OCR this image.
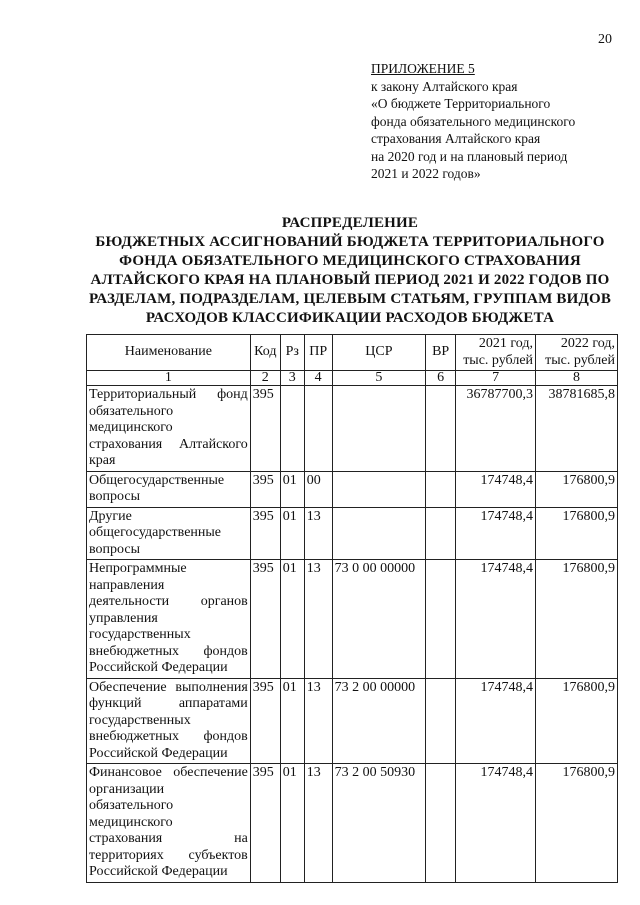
20
ПРИЛОЖЕНИЕ 5
к закону Алтайского края
«О бюджете Территориального
фонда обязательного медицинского
страхования Алтайского края
на 2020 год и на плановый период
2021 и 2022 годов»
РАСПРЕДЕЛЕНИЕ
БЮДЖЕТНЫХ АССИГНОВАНИЙ БЮДЖЕТА ТЕРРИТОРИАЛЬНОГО
ФОНДА ОБЯЗАТЕЛЬНОГО МЕДИЦИНСКОГО СТРАХОВАНИЯ
АЛТАЙСКОГО КРАЯ НА ПЛАНОВЫЙ ПЕРИОД 2021 И 2022 ГОДОВ ПО
РАЗДЕЛАМ, ПОДРАЗДЕЛАМ, ЦЕЛЕВЫМ СТАТЬЯМ, ГРУППАМ ВИДОВ
РАСХОДОВ КЛАССИФИКАЦИИ РАСХОДОВ БЮДЖЕТА
Наименование	Код	Рз	ПР	ЦСР	ВР	2021 год, тыс. рублей	2022 год, тыс. рублей
1	2	3	4	5	6	7	8
Территориальный фонд обязательного медицинского страхования Алтайского края	395					36787700,3	38781685,8
Общегосударственные вопросы	395	01	00			174748,4	176800,9
Другие общегосударственные вопросы	395	01	13			174748,4	176800,9
Непрограммные направления деятельности органов управления государственных внебюджетных фондов Российской Федерации	395	01	13	73 0 00 00000		174748,4	176800,9
Обеспечение выполнения функций аппаратами государственных внебюджетных фондов Российской Федерации	395	01	13	73 2 00 00000		174748,4	176800,9
Финансовое обеспечение организации обязательного медицинского страхования на территориях субъектов Российской Федерации	395	01	13	73 2 00 50930		174748,4	176800,9
